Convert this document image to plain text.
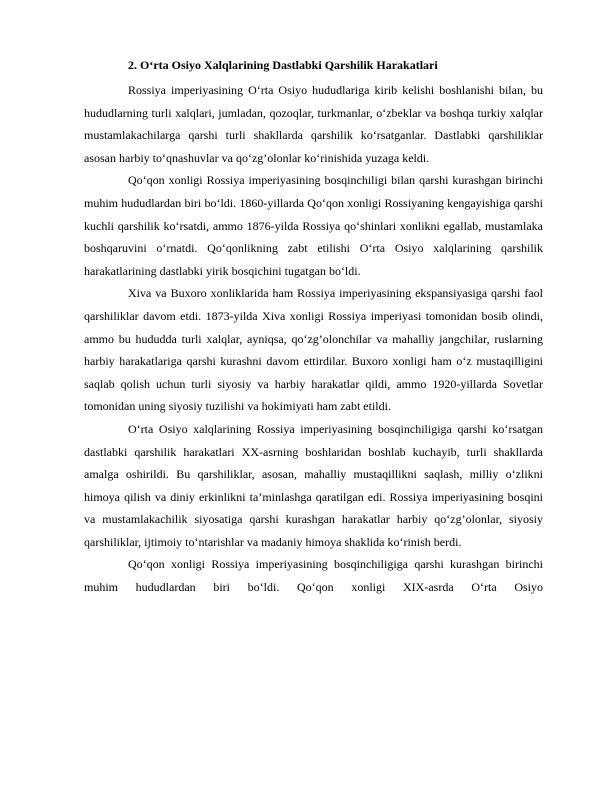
2. O‘rta Osiyo Xalqlarining Dastlabki Qarshilik Harakatlari

Rossiya imperiyasining O‘rta Osiyo hududlariga kirib kelishi boshlanishi bilan, bu hududlarning turli xalqlari, jumladan, qozoqlar, turkmanlar, o‘zbeklar va boshqa turkiy xalqlar mustamlakachilarga qarshi turli shakllarda qarshilik ko‘rsatganlar. Dastlabki qarshiliklar asosan harbiy to‘qnashuvlar va qo‘zg’olonlar ko‘rinishida yuzaga keldi.

Qo‘qon xonligi Rossiya imperiyasining bosqinchiligi bilan qarshi kurashgan birinchi muhim hududlardan biri bo‘ldi. 1860-yillarda Qo‘qon xonligi Rossiyaning kengayishiga qarshi kuchli qarshilik ko‘rsatdi, ammo 1876-yilda Rossiya qo‘shinlari xonlikni egallab, mustamlaka boshqaruvini o‘rnatdi. Qo‘qonlikning zabt etilishi O‘rta Osiyo xalqlarining qarshilik harakatlarining dastlabki yirik bosqichini tugatgan bo‘ldi.

Xiva va Buxoro xonliklarida ham Rossiya imperiyasining ekspansiyasiga qarshi faol qarshiliklar davom etdi. 1873-yilda Xiva xonligi Rossiya imperiyasi tomonidan bosib olindi, ammo bu hududda turli xalqlar, ayniqsa, qo‘zg’olonchilar va mahalliy jangchilar, ruslarning harbiy harakatlariga qarshi kurashni davom ettirdilar. Buxoro xonligi ham o‘z mustaqilligini saqlab qolish uchun turli siyosiy va harbiy harakatlar qildi, ammo 1920-yillarda Sovetlar tomonidan uning siyosiy tuzilishi va hokimiyati ham zabt etildi.

O‘rta Osiyo xalqlarining Rossiya imperiyasining bosqinchiligiga qarshi ko‘rsatgan dastlabki qarshilik harakatlari XX-asrning boshlaridan boshlab kuchayib, turli shakllarda amalga oshirildi. Bu qarshiliklar, asosan, mahalliy mustaqillikni saqlash, milliy o‘zlikni himoya qilish va diniy erkinlikni ta’minlashga qaratilgan edi. Rossiya imperiyasining bosqini va mustamlakachilik siyosatiga qarshi kurashgan harakatlar harbiy qo‘zg’olonlar, siyosiy qarshiliklar, ijtimoiy to‘ntarishlar va madaniy himoya shaklida ko‘rinish berdi.

Qo‘qon xonligi Rossiya imperiyasining bosqinchiligiga qarshi kurashgan birinchi muhim hududlardan biri bo‘ldi. Qo‘qon xonligi XIX-asrda O‘rta Osiyo
